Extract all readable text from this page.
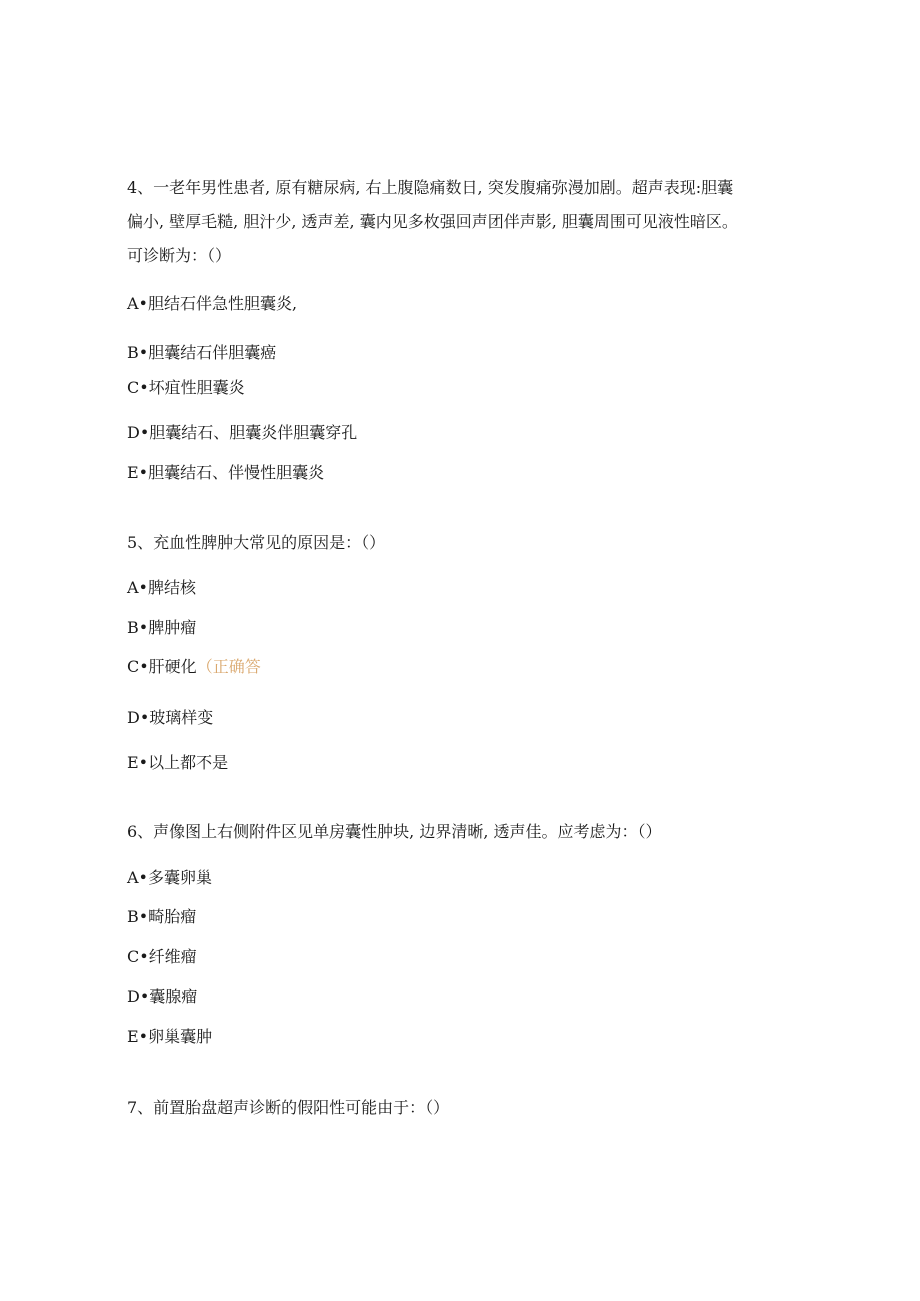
4、一老年男性患者, 原有糖尿病, 右上腹隐痛数日, 突发腹痛弥漫加剧。超声表现:胆囊

偏小, 壁厚毛糙, 胆汁少, 透声差, 囊内见多枚强回声团伴声影, 胆囊周围可见液性暗区。

可诊断为：（）

A•胆结石伴急性胆囊炎,

B•胆囊结石伴胆囊癌

C•坏疽性胆囊炎

D•胆囊结石、胆囊炎伴胆囊穿孔

E•胆囊结石、伴慢性胆囊炎

5、充血性脾肿大常见的原因是：（）

A•脾结核

B•脾肿瘤

C•肝硬化（正确答

D•玻璃样变

E•以上都不是

6、声像图上右侧附件区见单房囊性肿块, 边界清晰, 透声佳。应考虑为：（）

A•多囊卵巢

B•畸胎瘤

C•纤维瘤

D•囊腺瘤

E•卵巢囊肿

7、前置胎盘超声诊断的假阳性可能由于：（）
